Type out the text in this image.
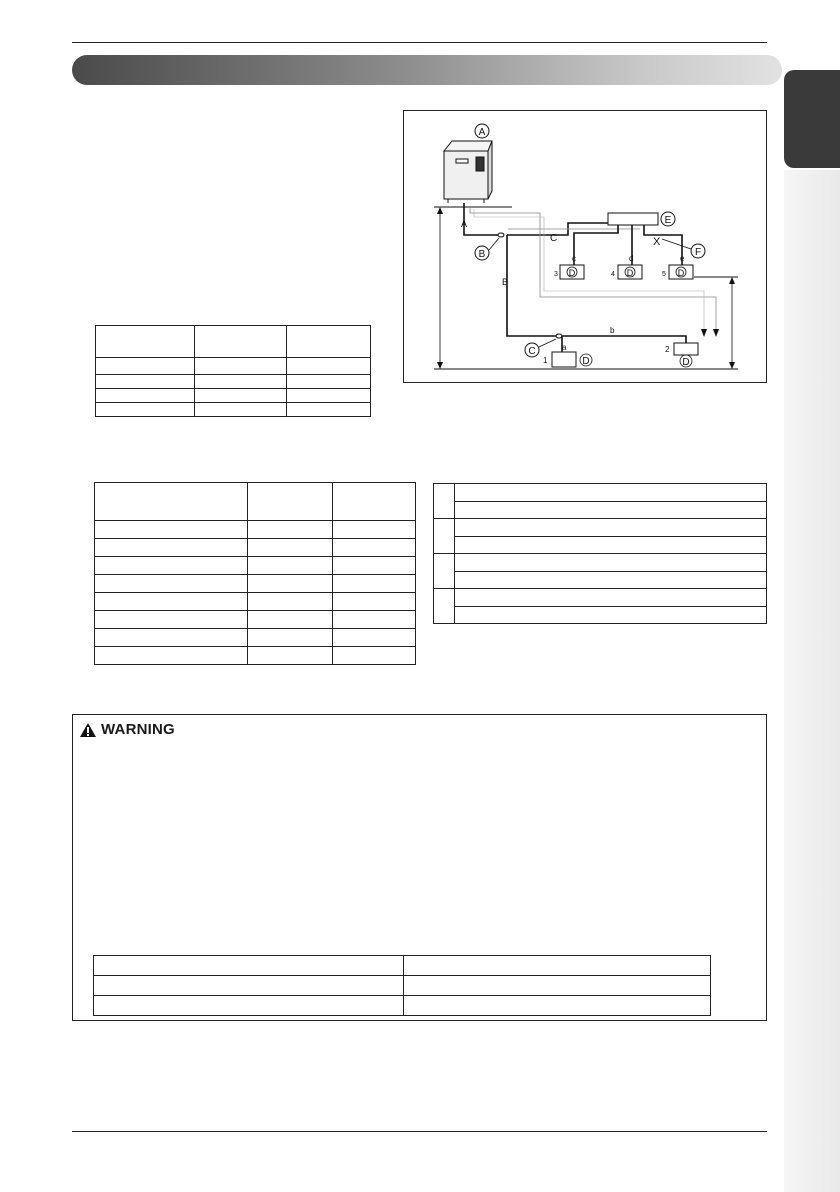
A
A
B
C
B
E
c	d	e
X
F
3 D	4 D	5 D
C	a
1	D
b
2
D

WARNING
